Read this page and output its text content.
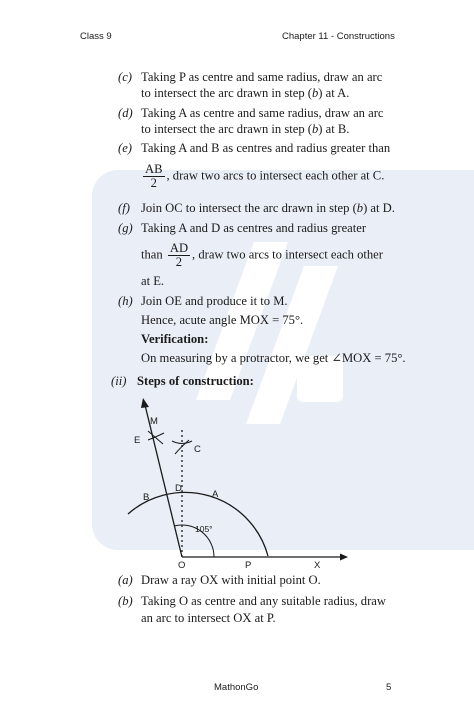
Class 9	Chapter 11 - Constructions
(c) Taking P as centre and same radius, draw an arc
to intersect the arc drawn in step (b) at A.
(d) Taking A as centre and same radius, draw an arc
to intersect the arc drawn in step (b) at B.
(e) Taking A and B as centres and radius greater than
$\frac{AB}{2}$ , draw two arcs to intersect each other at C.
(f) Join OC to intersect the arc drawn in step (b) at D.
(g) Taking A and D as centres and radius greater
than $\frac{AD}{2}$ , draw two arcs to intersect each other
at E.
(h) Join OE and produce it to M.
Hence, acute angle MOX = 75°.
Verification:
On measuring by a protractor, we get ∠MOX = 75°.
(ii) Steps of construction:
M
E
C
D
B	A
O	P	X
105°
(a) Draw a ray OX with initial point O.
(b) Taking O as centre and any suitable radius, draw
an arc to intersect OX at P.
MathonGo	5
